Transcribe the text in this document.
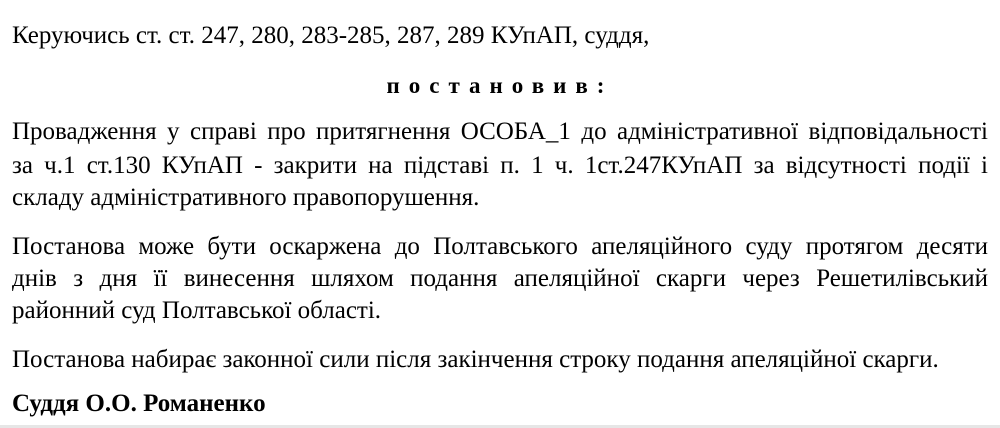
Керуючись ст. ст. 247, 280, 283-285, 287, 289 КУпАП, суддя,
постановив:
Провадження у справі про притягнення ОСОБА_1 до адміністративної відповідальності
за ч.1 ст.130 КУпАП - закрити на підставі п. 1 ч. 1ст.247КУпАП за відсутності події і
складу адміністративного правопорушення.
Постанова може бути оскаржена до Полтавського апеляційного суду протягом десяти
днів з дня її винесення шляхом подання апеляційної скарги через Решетилівський
районний суд Полтавської області.
Постанова набирає законної сили після закінчення строку подання апеляційної скарги.
Суддя О.О. Романенко
